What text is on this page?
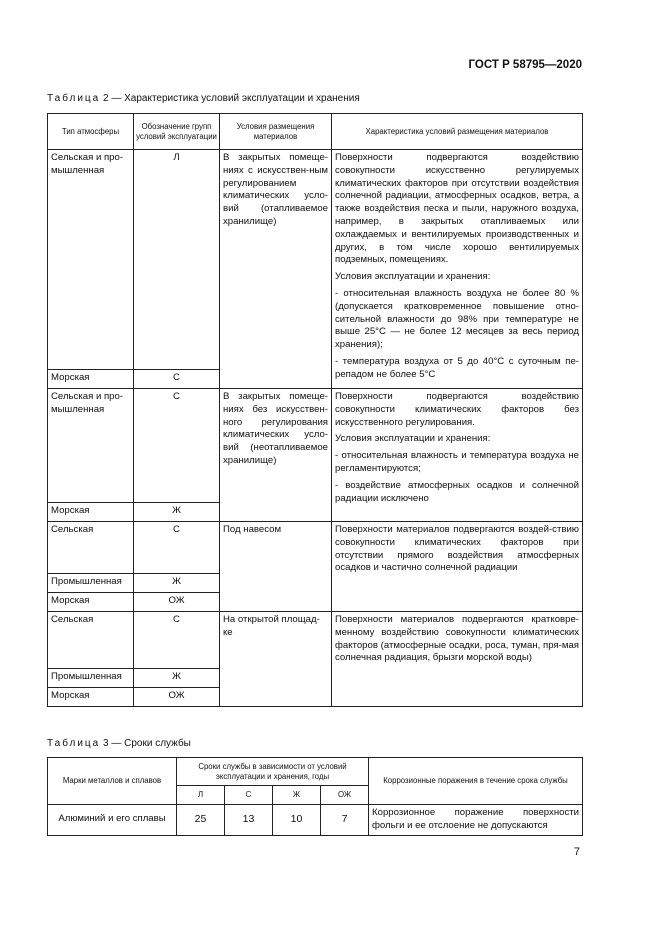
ГОСТ Р 58795—2020
Таблица 2 — Характеристика условий эксплуатации и хранения
Тип атмосферы	Обозначение групп условий эксплуатации	Условия размещения материалов	Характеристика условий размещения материалов
Сельская и про-мышленная	Л	В закрытых помеще-ниях с искусствен-ным регулированием климатических усло-вий (отапливаемое хранилище)	Поверхности подвергаются воздействию совокупности искусственно регулируемых климатических факторов при отсутствии воздействия солнечной радиации, атмосферных осадков, ветра, а также воздействия песка и пыли, наружного воздуха, например, в закрытых отапливаемых или охлаждаемых и вентилируемых производственных и других, в том числе хорошо вентилируемых подземных, помещениях.
Условия эксплуатации и хранения:
- относительная влажность воздуха не более 80 % (допускается кратковременное повышение отно-сительной влажности до 98% при температуре не выше 25°С — не более 12 месяцев за весь период хранения);
- температура воздуха от 5 до 40°С с суточным пе-репадом не более 5°С

Морская	С		
Сельская и про-мышленная	С	В закрытых помеще-ниях без искусствен-ного регулирования климатических усло-вий (неотапливаемое хранилище)	Поверхности подвергаются воздействию совокупности климатических факторов без искусственного регулирования.
Условия эксплуатации и хранения:
- относительная влажность и температура воздуха не регламентируются;
- воздействие атмосферных осадков и солнечной радиации исключено

Морская	Ж		
Сельская	С	Под навесом	Поверхности материалов подвергаются воздей-ствию совокупности климатических факторов при отсутствии прямого воздействия атмосферных осадков и частично солнечной радиации

Промышленная	Ж		
Морская	ОЖ		
Сельская	С	На открытой площад-ке	Поверхности материалов подвергаются кратковре-менному воздействию совокупности климатических факторов (атмосферные осадки, роса, туман, пря-мая солнечная радиация, брызги морской воды)

Промышленная	Ж		
Морская	ОЖ		
Таблица 3 — Сроки службы
Марки металлов и сплавов	Сроки службы в зависимости от условий эксплуатации и хранения, годы				Коррозионные поражения в течение срока службы
	Л	С	Ж	ОЖ	
Алюминий и его сплавы	25	13	10	7	Коррозионное поражение поверхности фольги и ее отслоение не допускаются
7
